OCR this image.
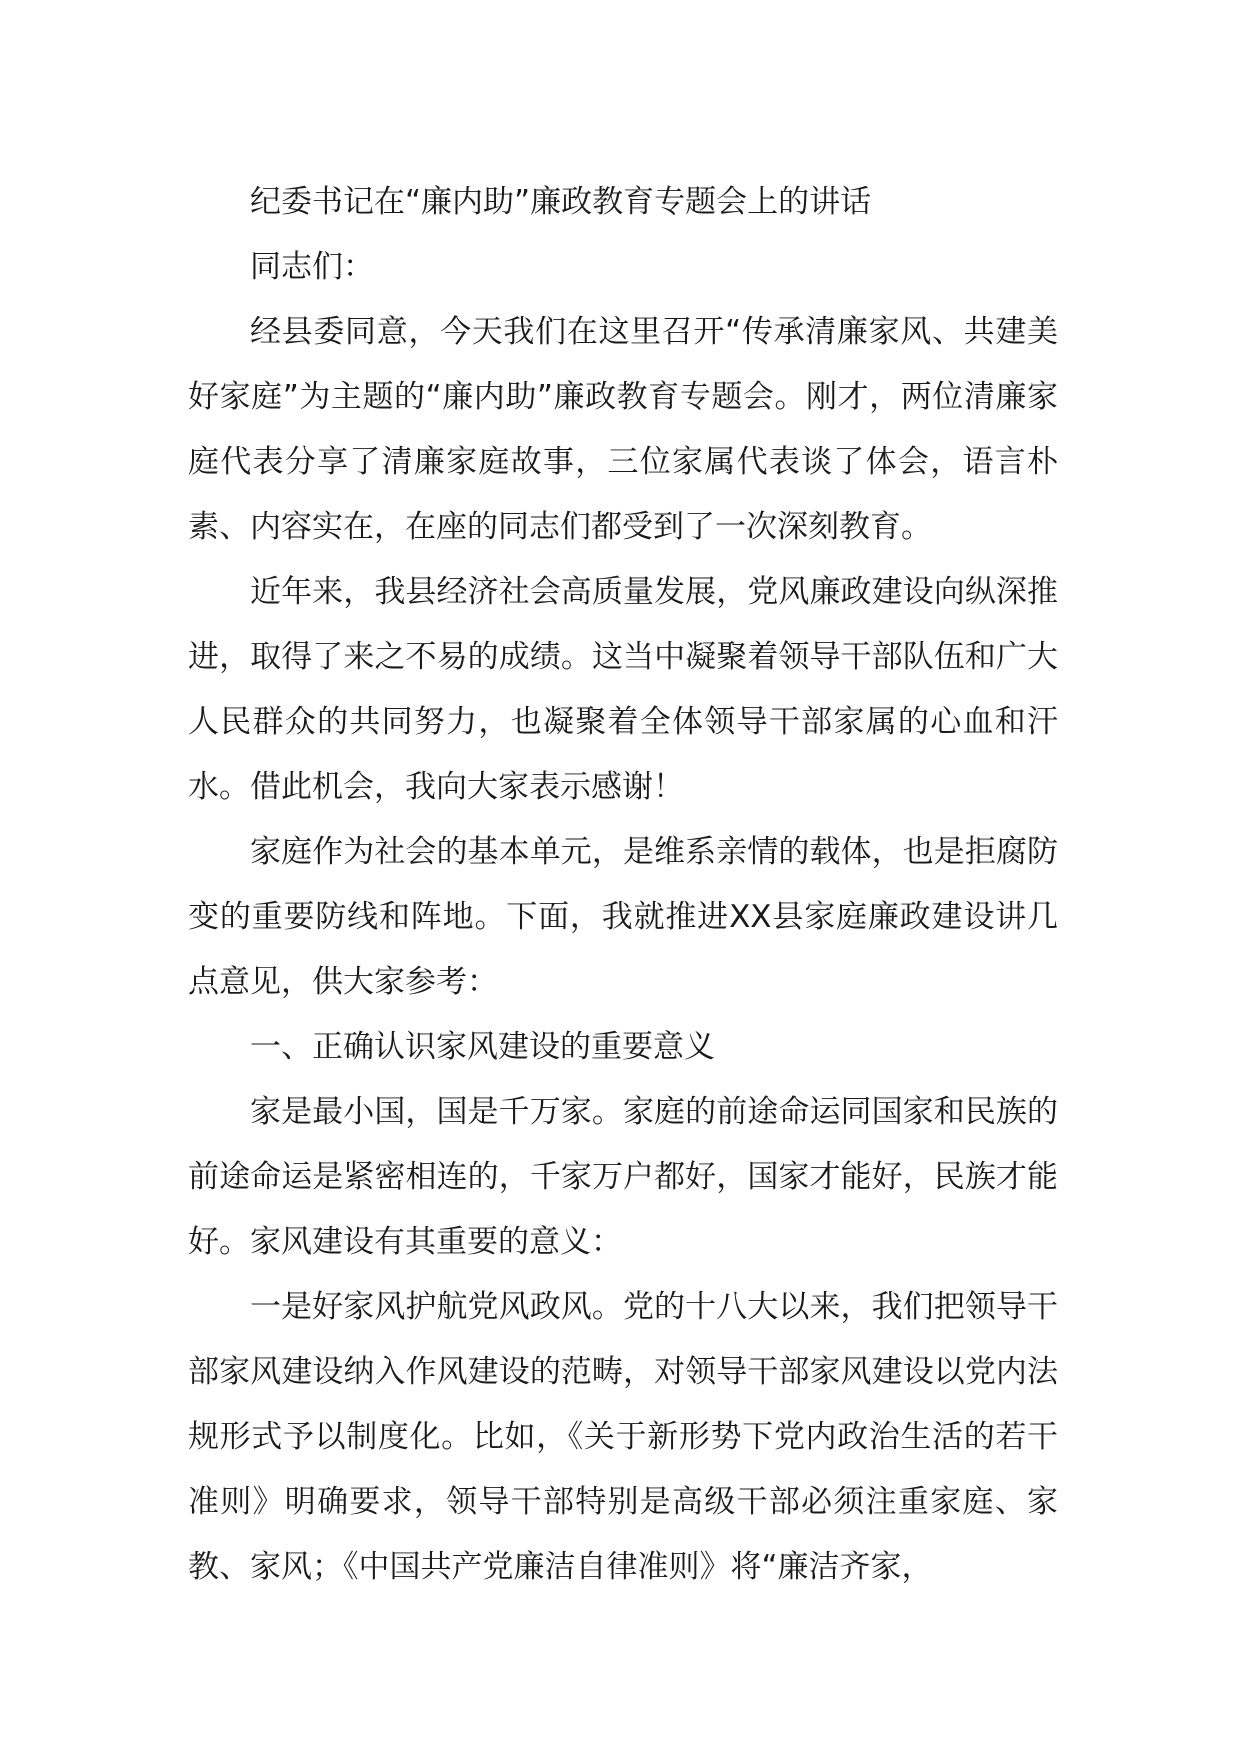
纪委书记在“廉内助”廉政教育专题会上的讲话

同志们：

经县委同意，今天我们在这里召开“传承清廉家风、共建美好家庭”为主题的“廉内助”廉政教育专题会。刚才，两位清廉家庭代表分享了清廉家庭故事，三位家属代表谈了体会，语言朴素、内容实在，在座的同志们都受到了一次深刻教育。

近年来，我县经济社会高质量发展，党风廉政建设向纵深推进，取得了来之不易的成绩。这当中凝聚着领导干部队伍和广大人民群众的共同努力，也凝聚着全体领导干部家属的心血和汗水。借此机会，我向大家表示感谢！

家庭作为社会的基本单元，是维系亲情的载体，也是拒腐防变的重要防线和阵地。下面，我就推进XX县家庭廉政建设讲几点意见，供大家参考：

一、正确认识家风建设的重要意义

家是最小国，国是千万家。家庭的前途命运同国家和民族的前途命运是紧密相连的，千家万户都好，国家才能好，民族才能好。家风建设有其重要的意义：

一是好家风护航党风政风。党的十八大以来，我们把领导干部家风建设纳入作风建设的范畴，对领导干部家风建设以党内法规形式予以制度化。比如，《关于新形势下党内政治生活的若干准则》明确要求，领导干部特别是高级干部必须注重家庭、家教、家风；《中国共产党廉洁自律准则》将“廉洁齐家，
